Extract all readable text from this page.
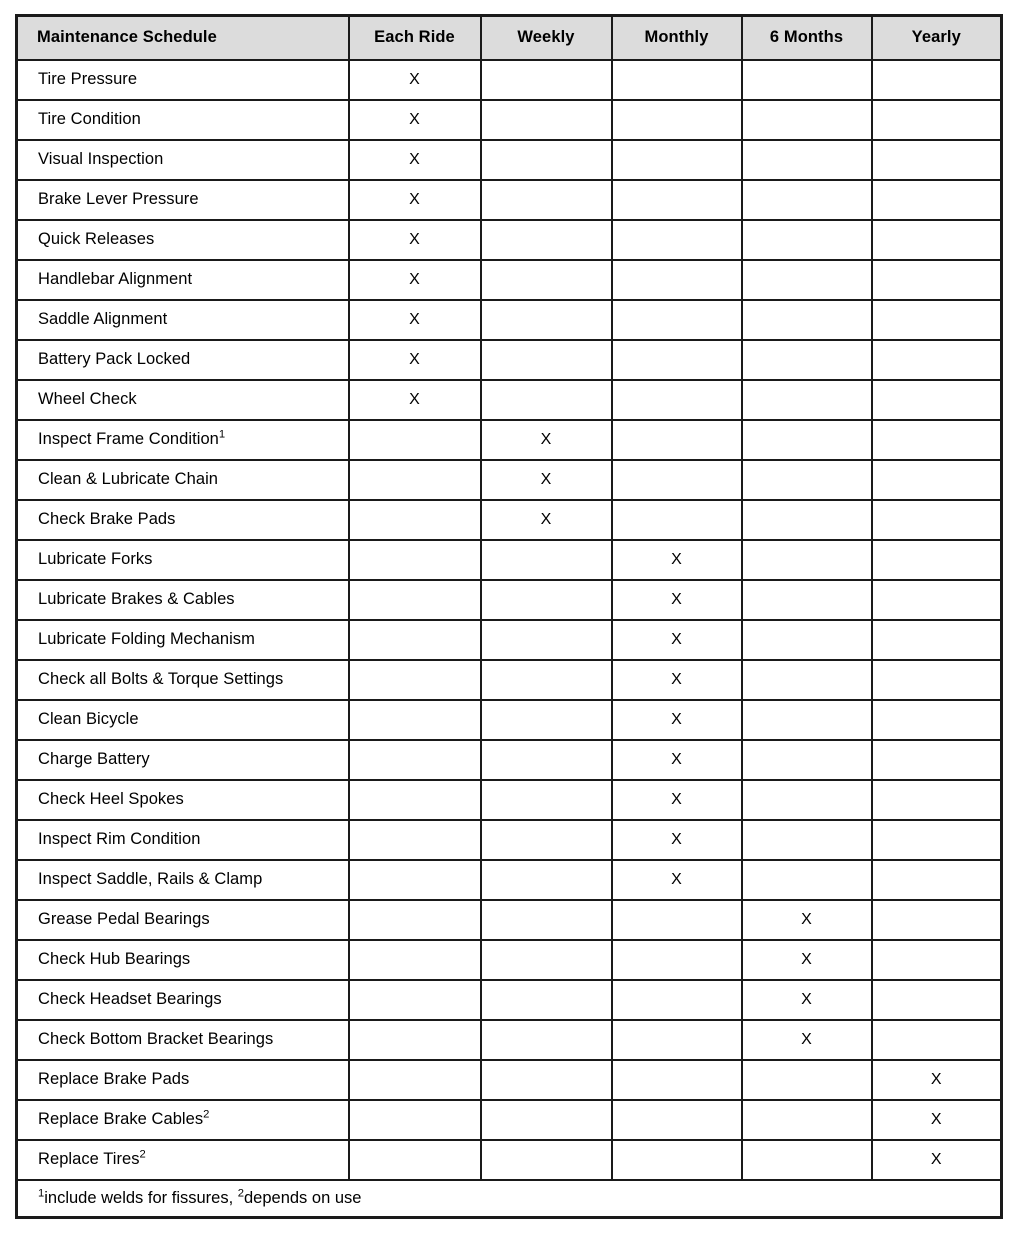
Maintenance Schedule	Each Ride	Weekly	Monthly	6 Months	Yearly
Tire Pressure	X				
Tire Condition	X				
Visual Inspection	X				
Brake Lever Pressure	X				
Quick Releases	X				
Handlebar Alignment	X				
Saddle Alignment	X				
Battery Pack Locked	X				
Wheel Check	X				
Inspect Frame Condition$^1$		X			
Clean & Lubricate Chain		X			
Check Brake Pads		X			
Lubricate Forks			X		
Lubricate Brakes & Cables			X		
Lubricate Folding Mechanism			X		
Check all Bolts & Torque Settings			X		
Clean Bicycle			X		
Charge Battery			X		
Check Heel Spokes			X		
Inspect Rim Condition			X		
Inspect Saddle, Rails & Clamp			X		
Grease Pedal Bearings				X	
Check Hub Bearings				X	
Check Headset Bearings				X	
Check Bottom Bracket Bearings				X	
Replace Brake Pads					X
Replace Brake Cables$^2$					X
Replace Tires$^2$					X
$^1$include welds for fissures, $^2$depends on use					
